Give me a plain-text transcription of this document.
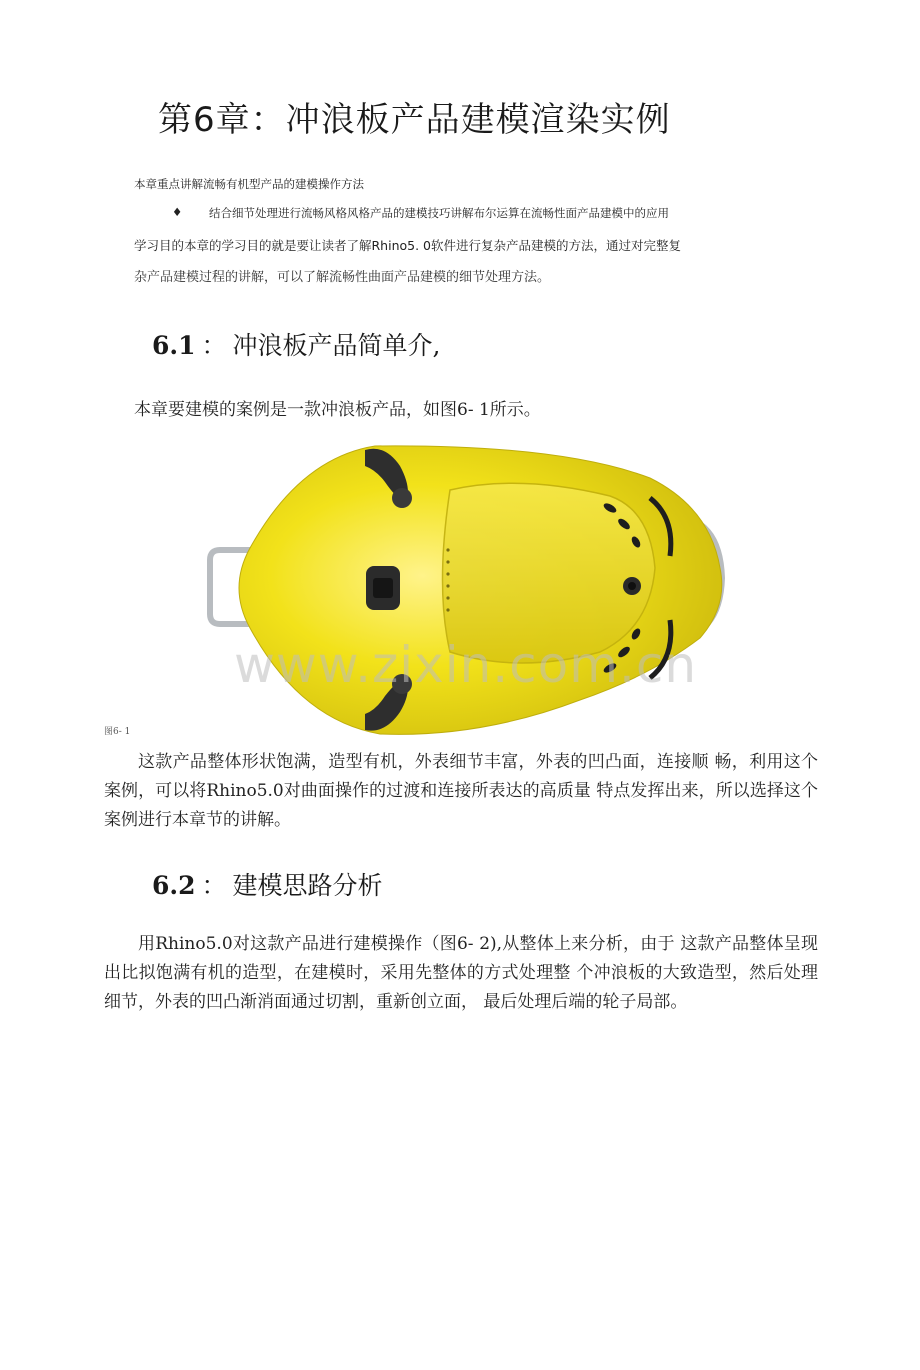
第6章：冲浪板产品建模渲染实例
本章重点讲解流畅有机型产品的建模操作方法
♦ 结合细节处理进行流畅风格风格产品的建模技巧讲解布尔运算在流畅性面产品建模中的应用
学习目的本章的学习目的就是要让读者了解Rhino5. 0软件进行复杂产品建模的方法，通过对完整复
杂产品建模过程的讲解，可以了解流畅性曲面产品建模的细节处理方法。
6.1 ： 冲浪板产品简单介,
本章要建模的案例是一款冲浪板产品，如图6- 1所示。
www.zixin.com.cn
图6- 1
这款产品整体形状饱满，造型有机，外表细节丰富，外表的凹凸面，连接顺 畅，利用这个案例，可以将Rhino5.0对曲面操作的过渡和连接所表达的高质量 特点发挥出来，所以选择这个案例进行本章节的讲解。
6.2 ： 建模思路分析
用Rhino5.0对这款产品进行建模操作（图6- 2),从整体上来分析，由于 这款产品整体呈现出比拟饱满有机的造型，在建模时，采用先整体的方式处理整 个冲浪板的大致造型，然后处理细节，外表的凹凸渐消面通过切割，重新创立面， 最后处理后端的轮子局部。
